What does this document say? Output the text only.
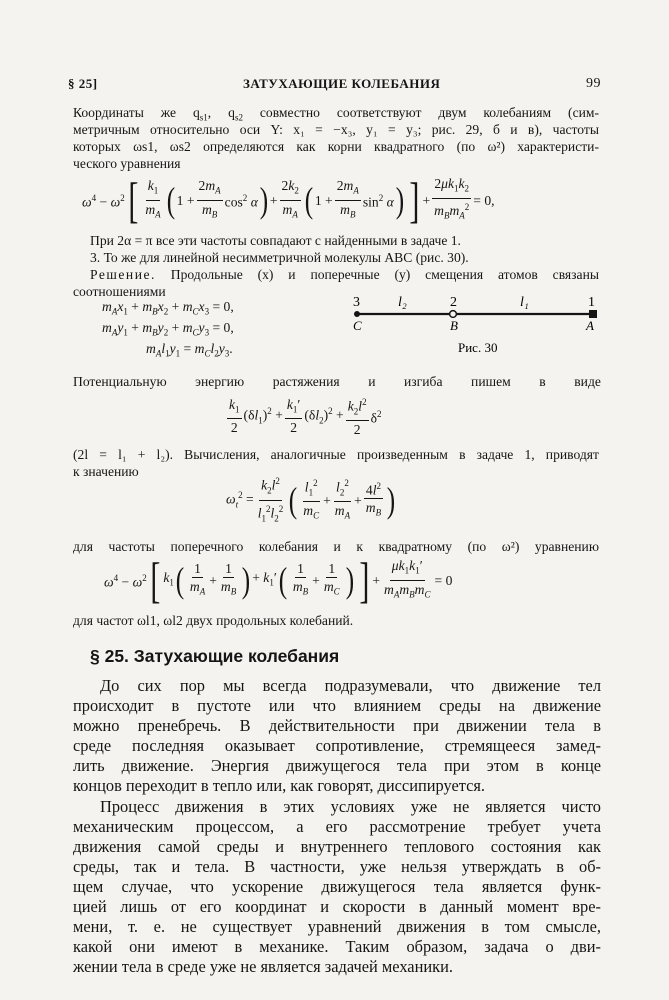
§ 25]	ЗАТУХАЮЩИЕ КОЛЕБАНИЯ	99
Координаты же $q_{s1}$, $q_{s2}$ совместно соответствуют двум колебаниям (сим-
метричным относительно оси Y: x₁ = −x₃, y₁ = y₃; рис. 29, б и в), частоты
которых ωs1, ωs2 определяются как корни квадратного (по ω²) характеристи-
ческого уравнения
$\omega^4 - \omega^2$ [ $\frac{k_1}{m_A}$ ( $1 + \frac{2m_A}{m_B} \cos^2 \alpha$ ) + $\frac{2k_2}{m_A}$ ( $1 + \frac{2m_A}{m_B} \sin^2 \alpha$ ) ] + $\frac{2\mu k_1k_2}{m_Bm_A^2} = 0$,
При 2α = π все эти частоты совпадают с найденными в задаче 1.
3. То же для линейной несимметричной молекулы ABC (рис. 30).
Решение. Продольные (x) и поперечные (y) смещения атомов связаны
соотношениями
$m_Ax_1 + m_Bx_2 + m_Cx_3 = 0$,
$m_Ay_1 + m_By_2 + m_Cy_3 = 0$,
$m_Al_1y_1 = m_Cl_2y_3$.
3	2	1
l₂	l₁
C	B	A
Рис. 30
Потенциальную энергию растяжения и изгиба пишем в виде
$\frac{k_1}{2} (\delta l_1)^2 + \frac{k_1'}{2} (\delta l_2)^2 + \frac{k_2l^2}{2} \delta^2$
(2l = l₁ + l₂). Вычисления, аналогичные произведенным в задаче 1, приводят
к значению
$\omega_t^2 = \frac{k_2l^2}{l_1^2l_2^2}$ ( $\frac{l_1^2}{m_C} + \frac{l_2^2}{m_A} + \frac{4l^2}{m_B}$ )
для частоты поперечного колебания и к квадратному (по ω²) уравнению
$\omega^4 - \omega^2$ [ $k_1$ ( $\frac{1}{m_A} + \frac{1}{m_B}$ ) + $k_1'$ ( $\frac{1}{m_B} + \frac{1}{m_C}$ ) ] + $\frac{\mu k_1k_1'}{m_Am_Bm_C} = 0$
для частот ωl1, ωl2 двух продольных колебаний.
§ 25. Затухающие колебания
До сих пор мы всегда подразумевали, что движение тел
происходит в пустоте или что влиянием среды на движение
можно пренебречь. В действительности при движении тела в
среде последняя оказывает сопротивление, стремящееся замед-
лить движение. Энергия движущегося тела при этом в конце
концов переходит в тепло или, как говорят, диссипируется.
Процесс движения в этих условиях уже не является чисто
механическим процессом, а его рассмотрение требует учета
движения самой среды и внутреннего теплового состояния как
среды, так и тела. В частности, уже нельзя утверждать в об-
щем случае, что ускорение движущегося тела является функ-
цией лишь от его координат и скорости в данный момент вре-
мени, т. е. не существует уравнений движения в том смысле,
какой они имеют в механике. Таким образом, задача о дви-
жении тела в среде уже не является задачей механики.
